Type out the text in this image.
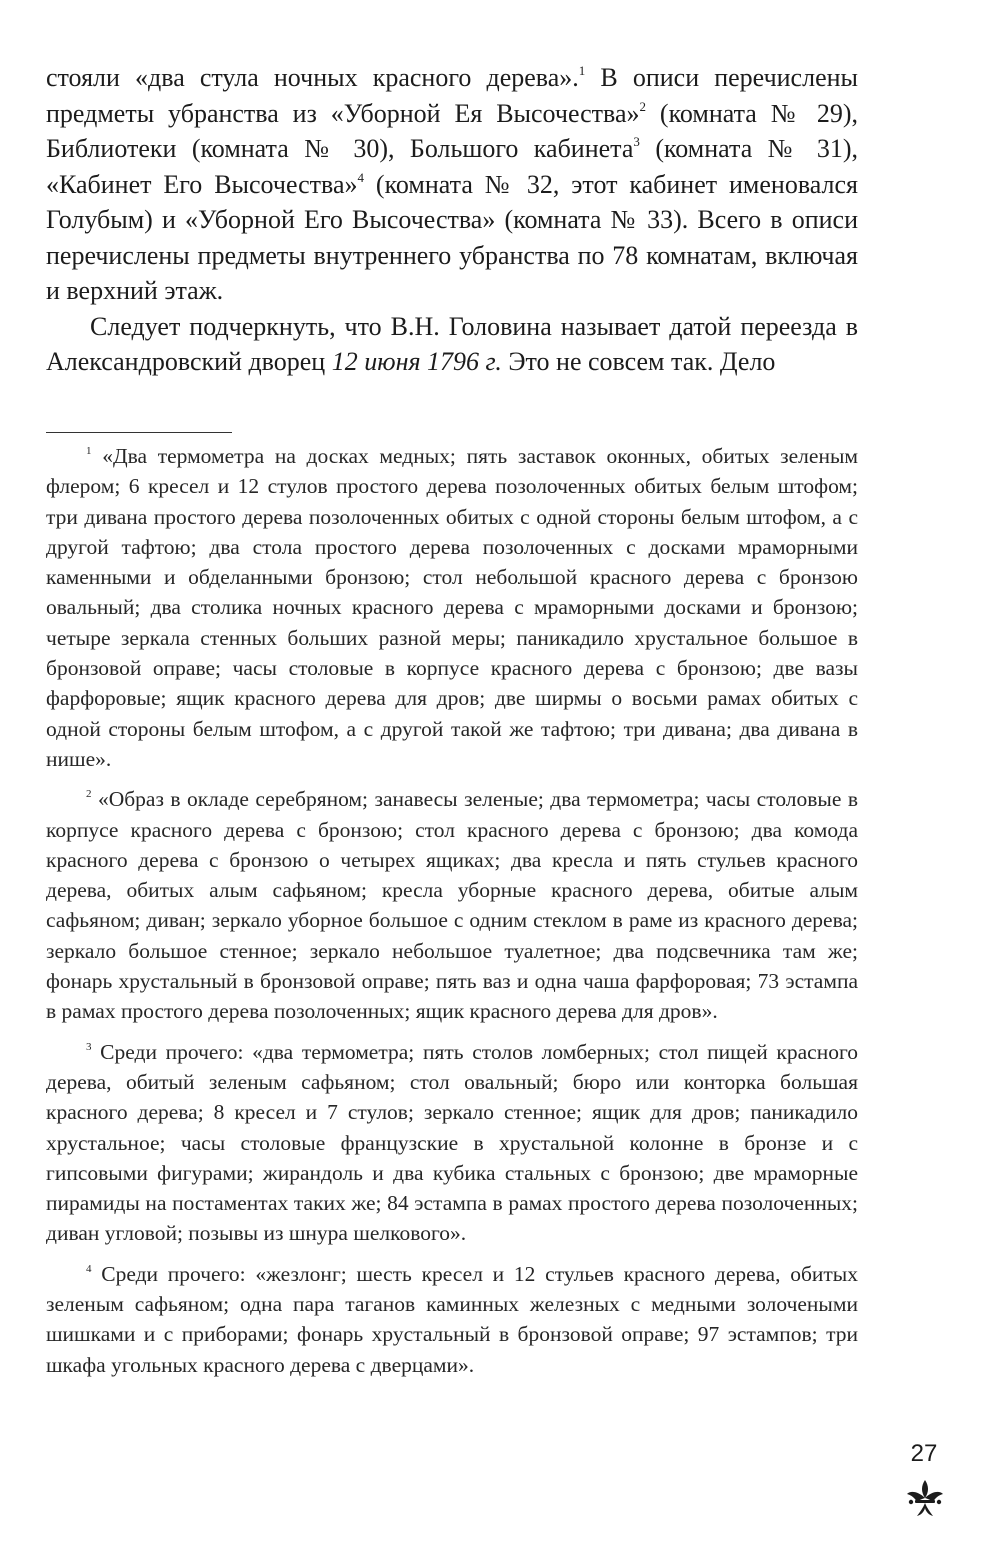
стояли «два стула ночных красного дерева».$^1$ В описи перечислены предметы убранства из «Уборной Ея Высочества»$^2$ (комната № 29), Библиотеки (комната № 30), Большого кабинета$^3$ (комната № 31), «Кабинет Его Высочества»$^4$ (комната № 32, этот кабинет именовался Голубым) и «Уборной Его Высочества» (комната № 33). Всего в описи перечислены предметы внутреннего убранства по 78 комнатам, включая и верхний этаж.

Следует подчеркнуть, что В.Н. Головина называет датой переезда в Александровский дворец 12 июня 1796 г. Это не совсем так. Дело

$^1$ «Два термометра на досках медных; пять заставок оконных, обитых зеленым флером; 6 кресел и 12 стулов простого дерева позолоченных обитых белым штофом; три дивана простого дерева позолоченных обитых с одной стороны белым штофом, а с другой тафтою; два стола простого дерева позолоченных с досками мраморными каменными и обделанными бронзою; стол небольшой красного дерева с бронзою овальный; два столика ночных красного дерева с мраморными досками и бронзою; четыре зеркала стенных больших разной меры; паникадило хрустальное большое в бронзовой оправе; часы столовые в корпусе красного дерева с бронзою; две вазы фарфоровые; ящик красного дерева для дров; две ширмы о восьми рамах обитых с одной стороны белым штофом, а с другой такой же тафтою; три дивана; два дивана в нише».

$^2$ «Образ в окладе серебряном; занавесы зеленые; два термометра; часы столовые в корпусе красного дерева с бронзою; стол красного дерева с бронзою; два комода красного дерева с бронзою о четырех ящиках; два кресла и пять стульев красного дерева, обитых алым сафьяном; кресла уборные красного дерева, обитые алым сафьяном; диван; зеркало уборное большое с одним стеклом в раме из красного дерева; зеркало большое стенное; зеркало небольшое туалетное; два подсвечника там же; фонарь хрустальный в бронзовой оправе; пять ваз и одна чаша фарфоровая; 73 эстампа в рамах простого дерева позолоченных; ящик красного дерева для дров».

$^3$ Среди прочего: «два термометра; пять столов ломберных; стол пищей красного дерева, обитый зеленым сафьяном; стол овальный; бюро или конторка большая красного дерева; 8 кресел и 7 стулов; зеркало стенное; ящик для дров; паникадило хрустальное; часы столовые французские в хрустальной колонне в бронзе и с гипсовыми фигурами; жирандоль и два кубика стальных с бронзою; две мраморные пирамиды на постаментах таких же; 84 эстампа в рамах простого дерева позолоченных; диван угловой; позывы из шнура шелкового».

$^4$ Среди прочего: «жезлонг; шесть кресел и 12 стульев красного дерева, обитых зеленым сафьяном; одна пара таганов каминных железных с медными золочеными шишками и с приборами; фонарь хрустальный в бронзовой оправе; 97 эстампов; три шкафа угольных красного дерева с дверцами».

27
